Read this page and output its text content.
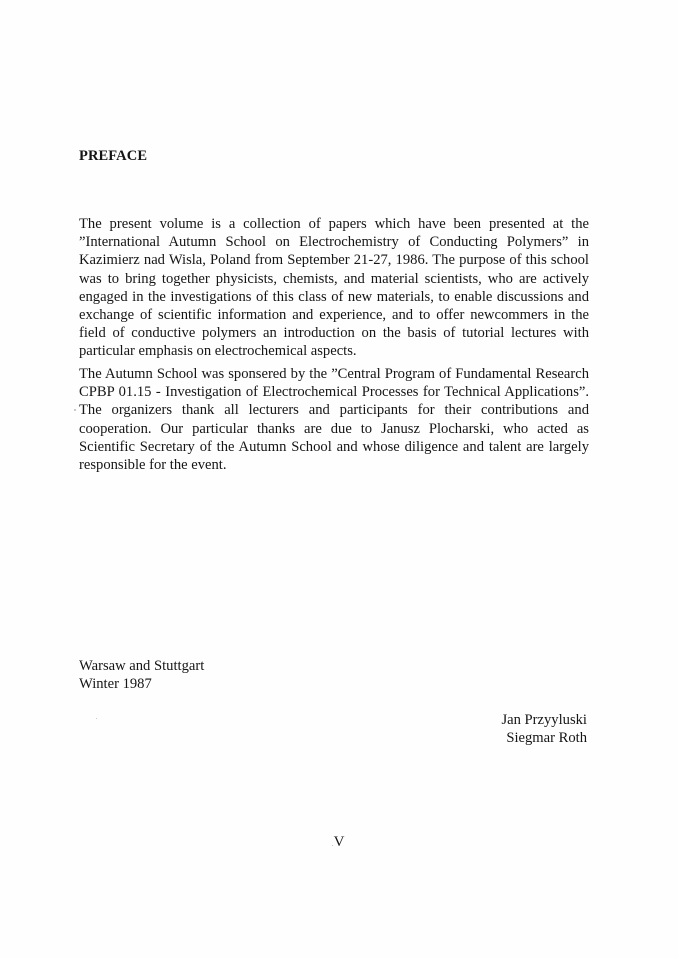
PREFACE

The present volume is a collection of papers which have been presented at the ”International Autumn School on Electrochemistry of Conducting Polymers” in Kazimierz nad Wisla, Poland from September 21-27, 1986. The purpose of this school was to bring together physicists, chemists, and material scientists, who are actively engaged in the investigations of this class of new materials, to enable discussions and exchange of scientific information and experience, and to offer newcommers in the field of conductive polymers an introduction on the basis of tutorial lectures with particular emphasis on electrochemical aspects.

The Autumn School was sponsered by the ”Central Program of Fundamental Research CPBP 01.15 - Investigation of Electrochemical Processes for Technical Applications”. The organizers thank all lecturers and participants for their contributions and cooperation. Our particular thanks are due to Janusz Plocharski, who acted as Scientific Secretary of the Autumn School and whose diligence and talent are largely responsible for the event.

Warsaw and Stuttgart
Winter 1987
Jan Przyyluski
Siegmar Roth
V
